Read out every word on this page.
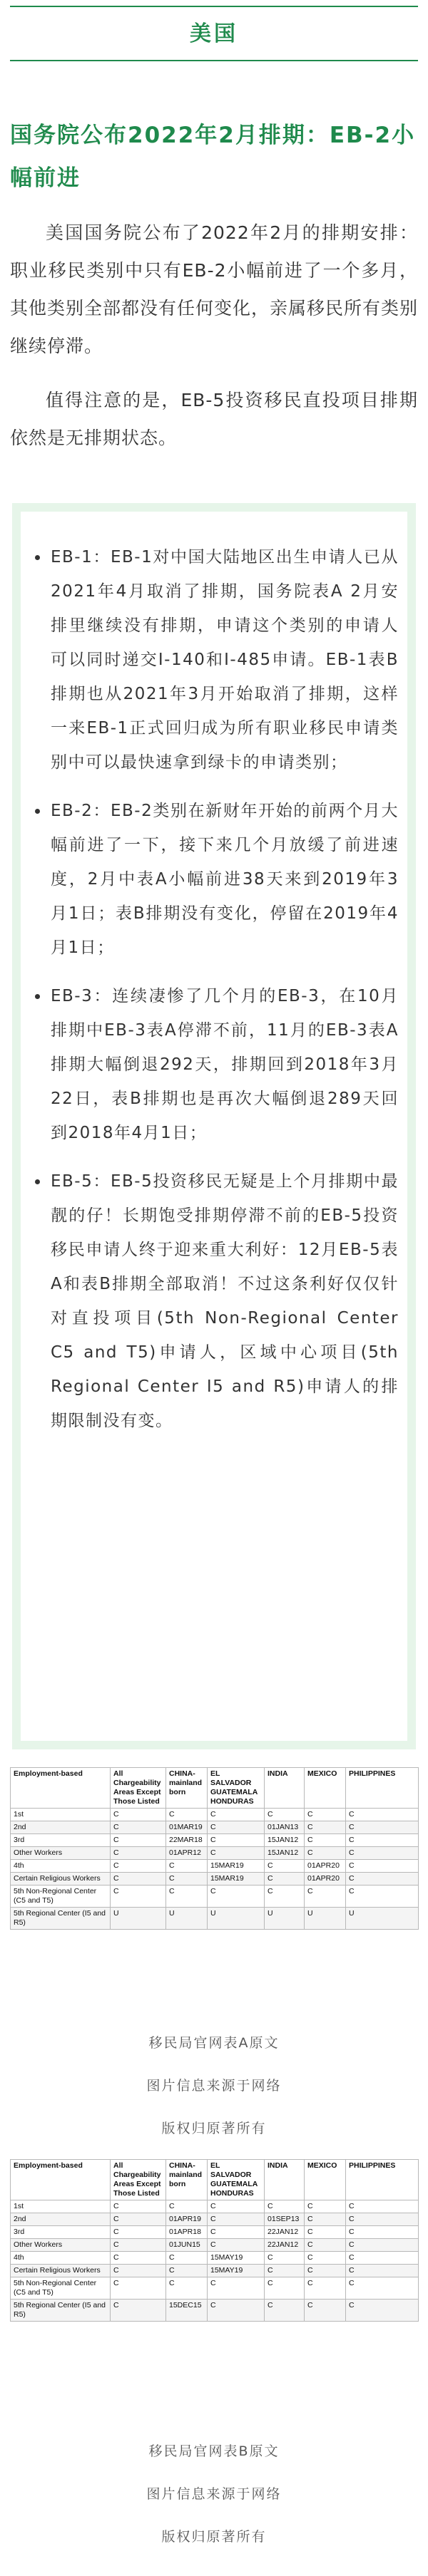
美国
国务院公布2022年2月排期：EB-2小幅前进

美国国务院公布了2022年2月的排期安排：职业移民类别中只有EB-2小幅前进了一个多月，其他类别全部都没有任何变化，亲属移民所有类别继续停滞。

值得注意的是，EB-5投资移民直投项目排期依然是无排期状态。

EB-1：EB-1对中国大陆地区出生申请人已从2021年4月取消了排期，国务院表A 2月安排里继续没有排期，申请这个类别的申请人可以同时递交I-140和I-485申请。EB-1表B排期也从2021年3月开始取消了排期，这样一来EB-1正式回归成为所有职业移民申请类别中可以最快速拿到绿卡的申请类别；
EB-2：EB-2类别在新财年开始的前两个月大幅前进了一下，接下来几个月放缓了前进速度，2月中表A小幅前进38天来到2019年3月1日；表B排期没有变化，停留在2019年4月1日；
EB-3：连续凄惨了几个月的EB-3，在10月排期中EB-3表A停滞不前，11月的EB-3表A排期大幅倒退292天，排期回到2018年3月22日，表B排期也是再次大幅倒退289天回到2018年4月1日；
EB-5：EB-5投资移民无疑是上个月排期中最靓的仔！长期饱受排期停滞不前的EB-5投资移民申请人终于迎来重大利好：12月EB-5表A和表B排期全部取消！不过这条利好仅仅针对直投项目(5th Non-Regional Center C5 and T5)申请人，区域中心项目(5th Regional Center I5 and R5)申请人的排期限制没有变。
Employment-based	All Chargeability Areas Except Those Listed	CHINA-mainland born	EL SALVADOR GUATEMALA HONDURAS	INDIA	MEXICO	PHILIPPINES
1st	C	C	C	C	C	C
2nd	C	01MAR19	C	01JAN13	C	C
3rd	C	22MAR18	C	15JAN12	C	C
Other Workers	C	01APR12	C	15JAN12	C	C
4th	C	C	15MAR19	C	01APR20	C
Certain Religious Workers	C	C	15MAR19	C	01APR20	C
5th Non-Regional Center (C5 and T5)	C	C	C	C	C	C
5th Regional Center (I5 and R5)	U	U	U	U	U	U
移民局官网表A原文
图片信息来源于网络
版权归原著所有
Employment-based	All Chargeability Areas Except Those Listed	CHINA-mainland born	EL SALVADOR GUATEMALA HONDURAS	INDIA	MEXICO	PHILIPPINES
1st	C	C	C	C	C	C
2nd	C	01APR19	C	01SEP13	C	C
3rd	C	01APR18	C	22JAN12	C	C
Other Workers	C	01JUN15	C	22JAN12	C	C
4th	C	C	15MAY19	C	C	C
Certain Religious Workers	C	C	15MAY19	C	C	C
5th Non-Regional Center (C5 and T5)	C	C	C	C	C	C
5th Regional Center (I5 and R5)	C	15DEC15	C	C	C	C
移民局官网表B原文
图片信息来源于网络
版权归原著所有
